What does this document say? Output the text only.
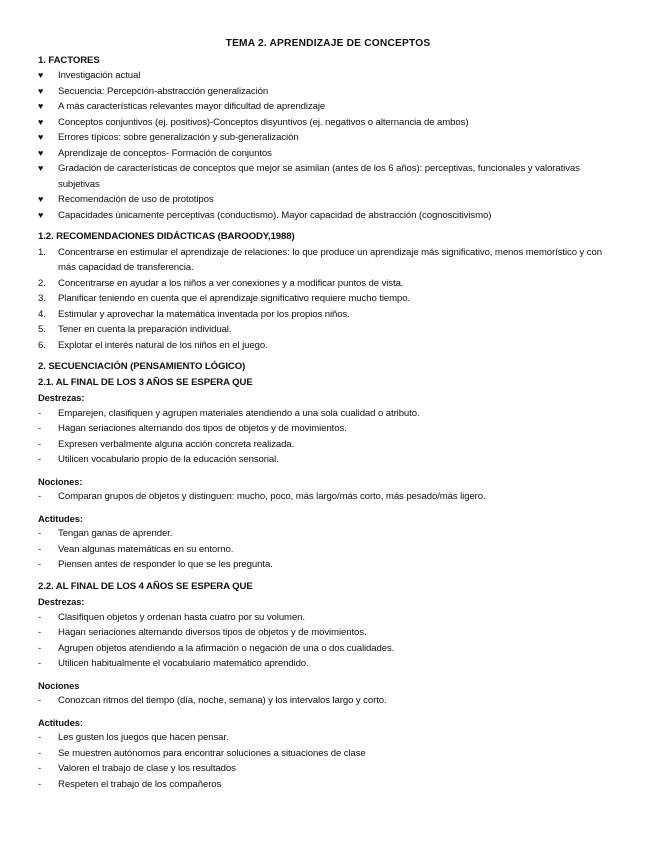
TEMA 2. APRENDIZAJE DE CONCEPTOS

1. FACTORES

♥	Investigación actual
♥	Secuencia: Percepción-abstracción generalización
♥	A más características relevantes mayor dificultad de aprendizaje
♥	Conceptos conjuntivos (ej. positivos)-Conceptos disyuntivos (ej. negativos o alternancia de ambos)
♥	Errores típicos: sobre generalización y sub-generalización
♥	Aprendizaje de conceptos- Formación de conjuntos
♥	Gradación de características de conceptos que mejor se asimilan (antes de los 6 años): perceptivas, funcionales y valorativas subjetivas
♥	Recomendación de uso de prototipos
♥	Capacidades únicamente perceptivas (conductismo). Mayor capacidad de abstracción (cognoscitivismo)

1.2. RECOMENDACIONES DIDÁCTICAS (BAROODY,1988)

1.	Concentrarse en estimular el aprendizaje de relaciones: lo que produce un aprendizaje más significativo, menos memorístico y con más capacidad de transferencia.
2.	Concentrarse en ayudar a los niños a ver conexiones y a modificar puntos de vista.
3.	Planificar teniendo en cuenta que el aprendizaje significativo requiere mucho tiempo.
4.	Estimular y aprovechar la matemática inventada por los propios niños.
5.	Tener en cuenta la preparación individual.
6.	Explotar el interés natural de los niños en el juego.

2. SECUENCIACIÓN (PENSAMIENTO LÓGICO)

2.1. AL FINAL DE LOS 3 AÑOS SE ESPERA QUE

Destrezas:

-	Emparejen, clasifiquen y agrupen materiales atendiendo a una sola cualidad o atributo.
-	Hagan seriaciones alternando dos tipos de objetos y de movimientos.
-	Expresen verbalmente alguna acción concreta realizada.
-	Utilicen vocabulario propio de la educación sensorial.

Nociones:

-	Comparan grupos de objetos y distinguen: mucho, poco, más largo/más corto, más pesado/más ligero.

Actitudes:

-	Tengan ganas de aprender.
-	Vean algunas matemáticas en su entorno.
-	Piensen antes de responder lo que se les pregunta.

2.2. AL FINAL DE LOS 4 AÑOS SE ESPERA QUE

Destrezas:

-	Clasifiquen objetos y ordenan hasta cuatro por su volumen.
-	Hagan seriaciones alternando diversos tipos de objetos y de movimientos.
-	Agrupen objetos atendiendo a la afirmación o negación de una o dos cualidades.
-	Utilicen habitualmente el vocabulario matemático aprendido.

Nociones

-	Conozcan ritmos del tiempo (día, noche, semana) y los intervalos largo y corto.

Actitudes:

-	Les gusten los juegos que hacen pensar.
-	Se muestren autónomos para encontrar soluciones a situaciones de clase
-	Valoren el trabajo de clase y los resultados
-	Respeten el trabajo de los compañeros
